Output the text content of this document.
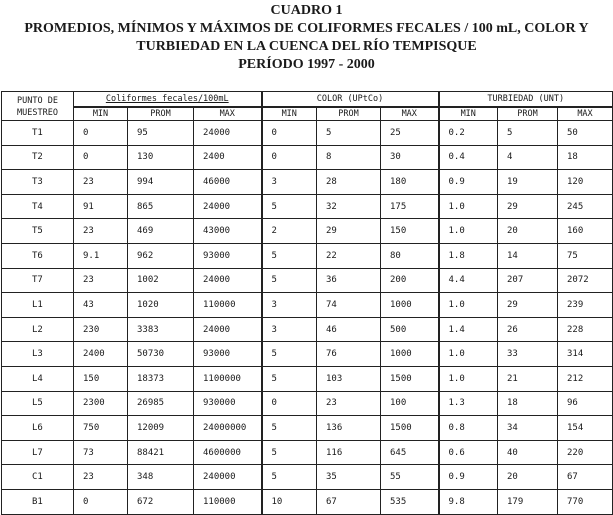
CUADRO 1
PROMEDIOS, MÍNIMOS Y MÁXIMOS DE COLIFORMES FECALES / 100 mL, COLOR Y
TURBIEDAD EN LA CUENCA DEL RÍO TEMPISQUE
PERÍODO 1997 - 2000
PUNTO DE
MUESTREO	Coliformes fecales/100mL			COLOR (UPtCo)			TURBIEDAD (UNT)		
	MIN	PROM	MAX	MIN	PROM	MAX	MIN	PROM	MAX
T1	0	95	24000	0	5	25	0.2	5	50
T2	0	130	2400	0	8	30	0.4	4	18
T3	23	994	46000	3	28	180	0.9	19	120
T4	91	865	24000	5	32	175	1.0	29	245
T5	23	469	43000	2	29	150	1.0	20	160
T6	9.1	962	93000	5	22	80	1.8	14	75
T7	23	1002	24000	5	36	200	4.4	207	2072
L1	43	1020	110000	3	74	1000	1.0	29	239
L2	230	3383	24000	3	46	500	1.4	26	228
L3	2400	50730	93000	5	76	1000	1.0	33	314
L4	150	18373	1100000	5	103	1500	1.0	21	212
L5	2300	26985	930000	0	23	100	1.3	18	96
L6	750	12009	24000000	5	136	1500	0.8	34	154
L7	73	88421	4600000	5	116	645	0.6	40	220
C1	23	348	240000	5	35	55	0.9	20	67
B1	0	672	110000	10	67	535	9.8	179	770
